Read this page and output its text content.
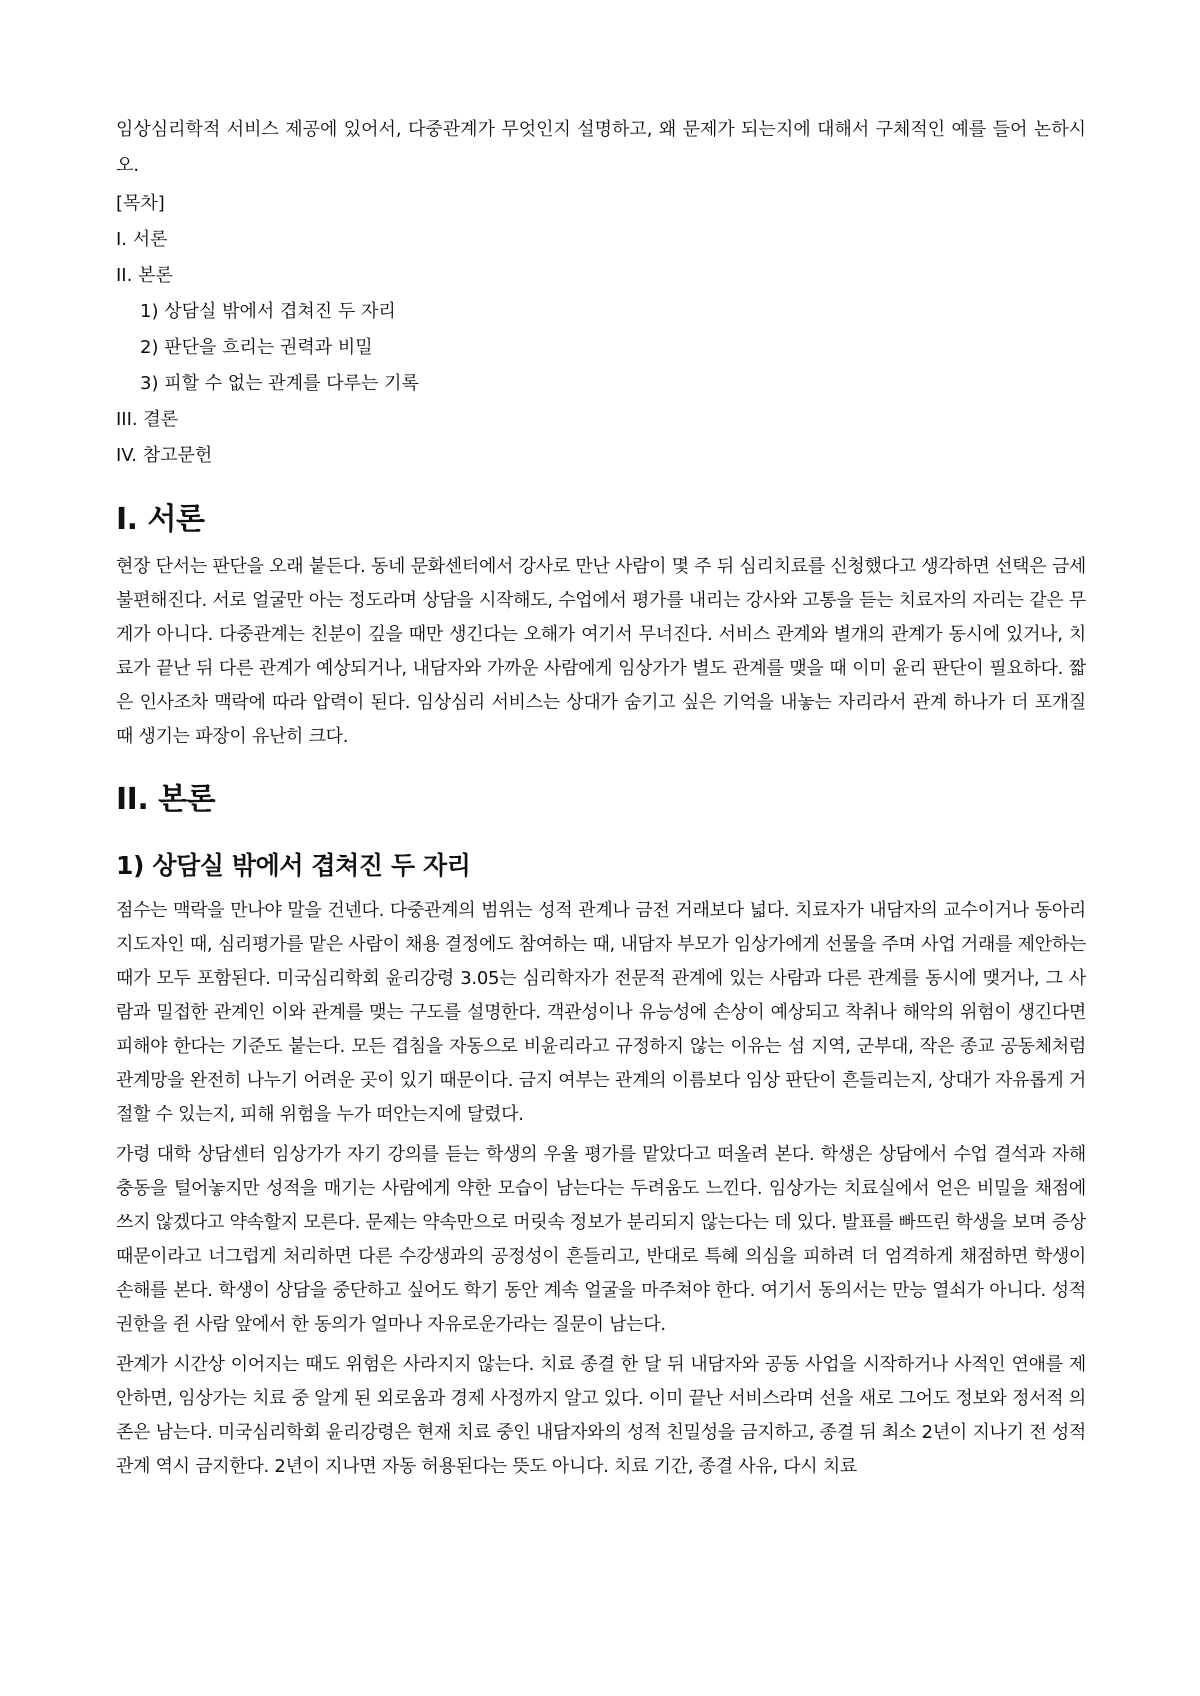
임상심리학적 서비스 제공에 있어서, 다중관계가 무엇인지 설명하고, 왜 문제가 되는지에 대해서 구체적인 예를 들어 논하시오.

[목차]
I. 서론
II. 본론
1) 상담실 밖에서 겹쳐진 두 자리
2) 판단을 흐리는 권력과 비밀
3) 피할 수 없는 관계를 다루는 기록
III. 결론
IV. 참고문헌
I. 서론

현장 단서는 판단을 오래 붙든다. 동네 문화센터에서 강사로 만난 사람이 몇 주 뒤 심리치료를 신청했다고 생각하면 선택은 금세 불편해진다. 서로 얼굴만 아는 정도라며 상담을 시작해도, 수업에서 평가를 내리는 강사와 고통을 듣는 치료자의 자리는 같은 무게가 아니다. 다중관계는 친분이 깊을 때만 생긴다는 오해가 여기서 무너진다. 서비스 관계와 별개의 관계가 동시에 있거나, 치료가 끝난 뒤 다른 관계가 예상되거나, 내담자와 가까운 사람에게 임상가가 별도 관계를 맺을 때 이미 윤리 판단이 필요하다. 짧은 인사조차 맥락에 따라 압력이 된다. 임상심리 서비스는 상대가 숨기고 싶은 기억을 내놓는 자리라서 관계 하나가 더 포개질 때 생기는 파장이 유난히 크다.

II. 본론
1) 상담실 밖에서 겹쳐진 두 자리

점수는 맥락을 만나야 말을 건넨다. 다중관계의 범위는 성적 관계나 금전 거래보다 넓다. 치료자가 내담자의 교수이거나 동아리 지도자인 때, 심리평가를 맡은 사람이 채용 결정에도 참여하는 때, 내담자 부모가 임상가에게 선물을 주며 사업 거래를 제안하는 때가 모두 포함된다. 미국심리학회 윤리강령 3.05는 심리학자가 전문적 관계에 있는 사람과 다른 관계를 동시에 맺거나, 그 사람과 밀접한 관계인 이와 관계를 맺는 구도를 설명한다. 객관성이나 유능성에 손상이 예상되고 착취나 해악의 위험이 생긴다면 피해야 한다는 기준도 붙는다. 모든 겹침을 자동으로 비윤리라고 규정하지 않는 이유는 섬 지역, 군부대, 작은 종교 공동체처럼 관계망을 완전히 나누기 어려운 곳이 있기 때문이다. 금지 여부는 관계의 이름보다 임상 판단이 흔들리는지, 상대가 자유롭게 거절할 수 있는지, 피해 위험을 누가 떠안는지에 달렸다.

가령 대학 상담센터 임상가가 자기 강의를 듣는 학생의 우울 평가를 맡았다고 떠올려 본다. 학생은 상담에서 수업 결석과 자해 충동을 털어놓지만 성적을 매기는 사람에게 약한 모습이 남는다는 두려움도 느낀다. 임상가는 치료실에서 얻은 비밀을 채점에 쓰지 않겠다고 약속할지 모른다. 문제는 약속만으로 머릿속 정보가 분리되지 않는다는 데 있다. 발표를 빠뜨린 학생을 보며 증상 때문이라고 너그럽게 처리하면 다른 수강생과의 공정성이 흔들리고, 반대로 특혜 의심을 피하려 더 엄격하게 채점하면 학생이 손해를 본다. 학생이 상담을 중단하고 싶어도 학기 동안 계속 얼굴을 마주쳐야 한다. 여기서 동의서는 만능 열쇠가 아니다. 성적 권한을 쥔 사람 앞에서 한 동의가 얼마나 자유로운가라는 질문이 남는다.

관계가 시간상 이어지는 때도 위험은 사라지지 않는다. 치료 종결 한 달 뒤 내담자와 공동 사업을 시작하거나 사적인 연애를 제안하면, 임상가는 치료 중 알게 된 외로움과 경제 사정까지 알고 있다. 이미 끝난 서비스라며 선을 새로 그어도 정보와 정서적 의존은 남는다. 미국심리학회 윤리강령은 현재 치료 중인 내담자와의 성적 친밀성을 금지하고, 종결 뒤 최소 2년이 지나기 전 성적 관계 역시 금지한다. 2년이 지나면 자동 허용된다는 뜻도 아니다. 치료 기간, 종결 사유, 다시 치료
